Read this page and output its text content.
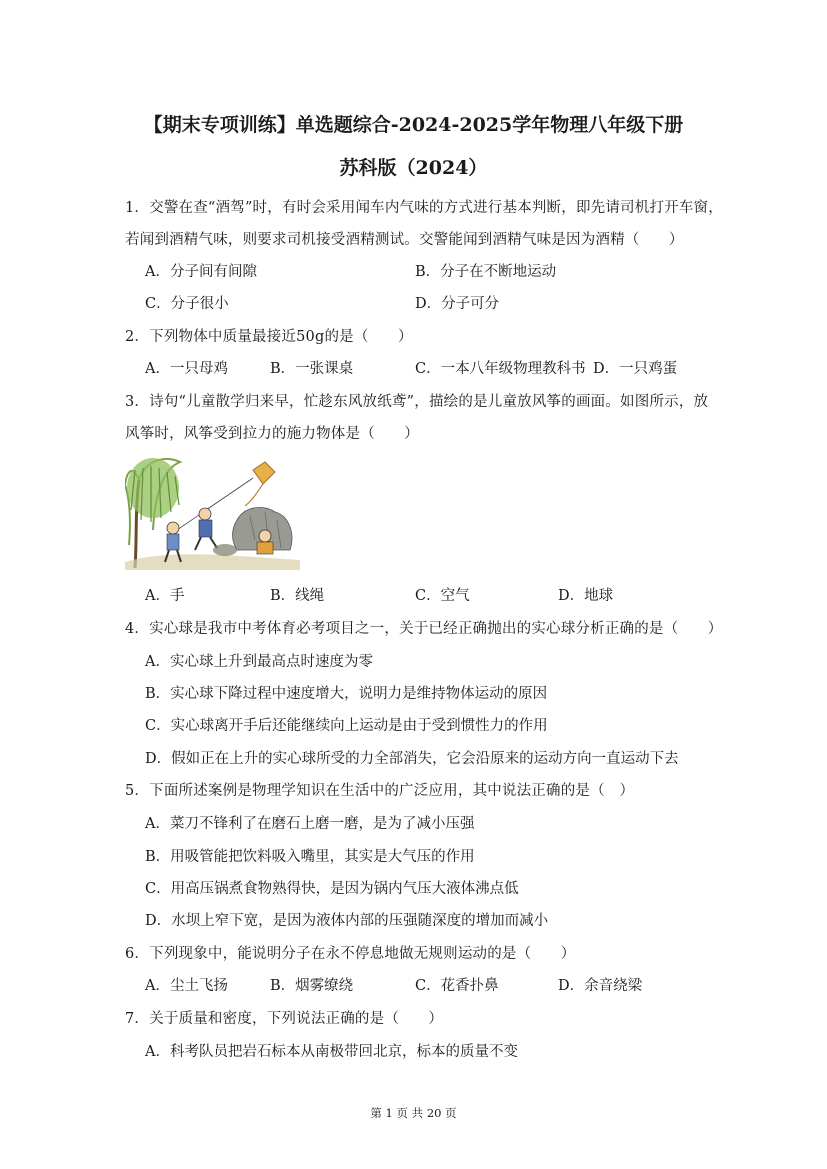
【期末专项训练】单选题综合-2024-2025学年物理八年级下册
苏科版（2024）
1．交警在查“酒驾”时，有时会采用闻车内气味的方式进行基本判断，即先请司机打开车窗，
若闻到酒精气味，则要求司机接受酒精测试。交警能闻到酒精气味是因为酒精（　　）
A．分子间有间隙	B．分子在不断地运动
C．分子很小	D．分子可分
2．下列物体中质量最接近50g的是（　　）
A．一只母鸡	B．一张课桌	C．一本八年级物理教科书 D．一只鸡蛋
3．诗句“儿童散学归来早，忙趁东风放纸鸢”，描绘的是儿童放风筝的画面。如图所示，放
风筝时，风筝受到拉力的施力物体是（　　）
A．手	B．线绳	C．空气	D．地球
4．实心球是我市中考体育必考项目之一，关于已经正确抛出的实心球分析正确的是（　　）
A．实心球上升到最高点时速度为零
B．实心球下降过程中速度增大，说明力是维持物体运动的原因
C．实心球离开手后还能继续向上运动是由于受到惯性力的作用
D．假如正在上升的实心球所受的力全部消失，它会沿原来的运动方向一直运动下去
5．下面所述案例是物理学知识在生活中的广泛应用，其中说法正确的是（　）
A．菜刀不锋利了在磨石上磨一磨，是为了减小压强
B．用吸管能把饮料吸入嘴里，其实是大气压的作用
C．用高压锅煮食物熟得快，是因为锅内气压大液体沸点低
D．水坝上窄下宽，是因为液体内部的压强随深度的增加而减小
6．下列现象中，能说明分子在永不停息地做无规则运动的是（　　）
A．尘土飞扬	B．烟雾缭绕	C．花香扑鼻	D．余音绕梁
7．关于质量和密度，下列说法正确的是（　　）
A．科考队员把岩石标本从南极带回北京，标本的质量不变
第 1 页 共 20 页
